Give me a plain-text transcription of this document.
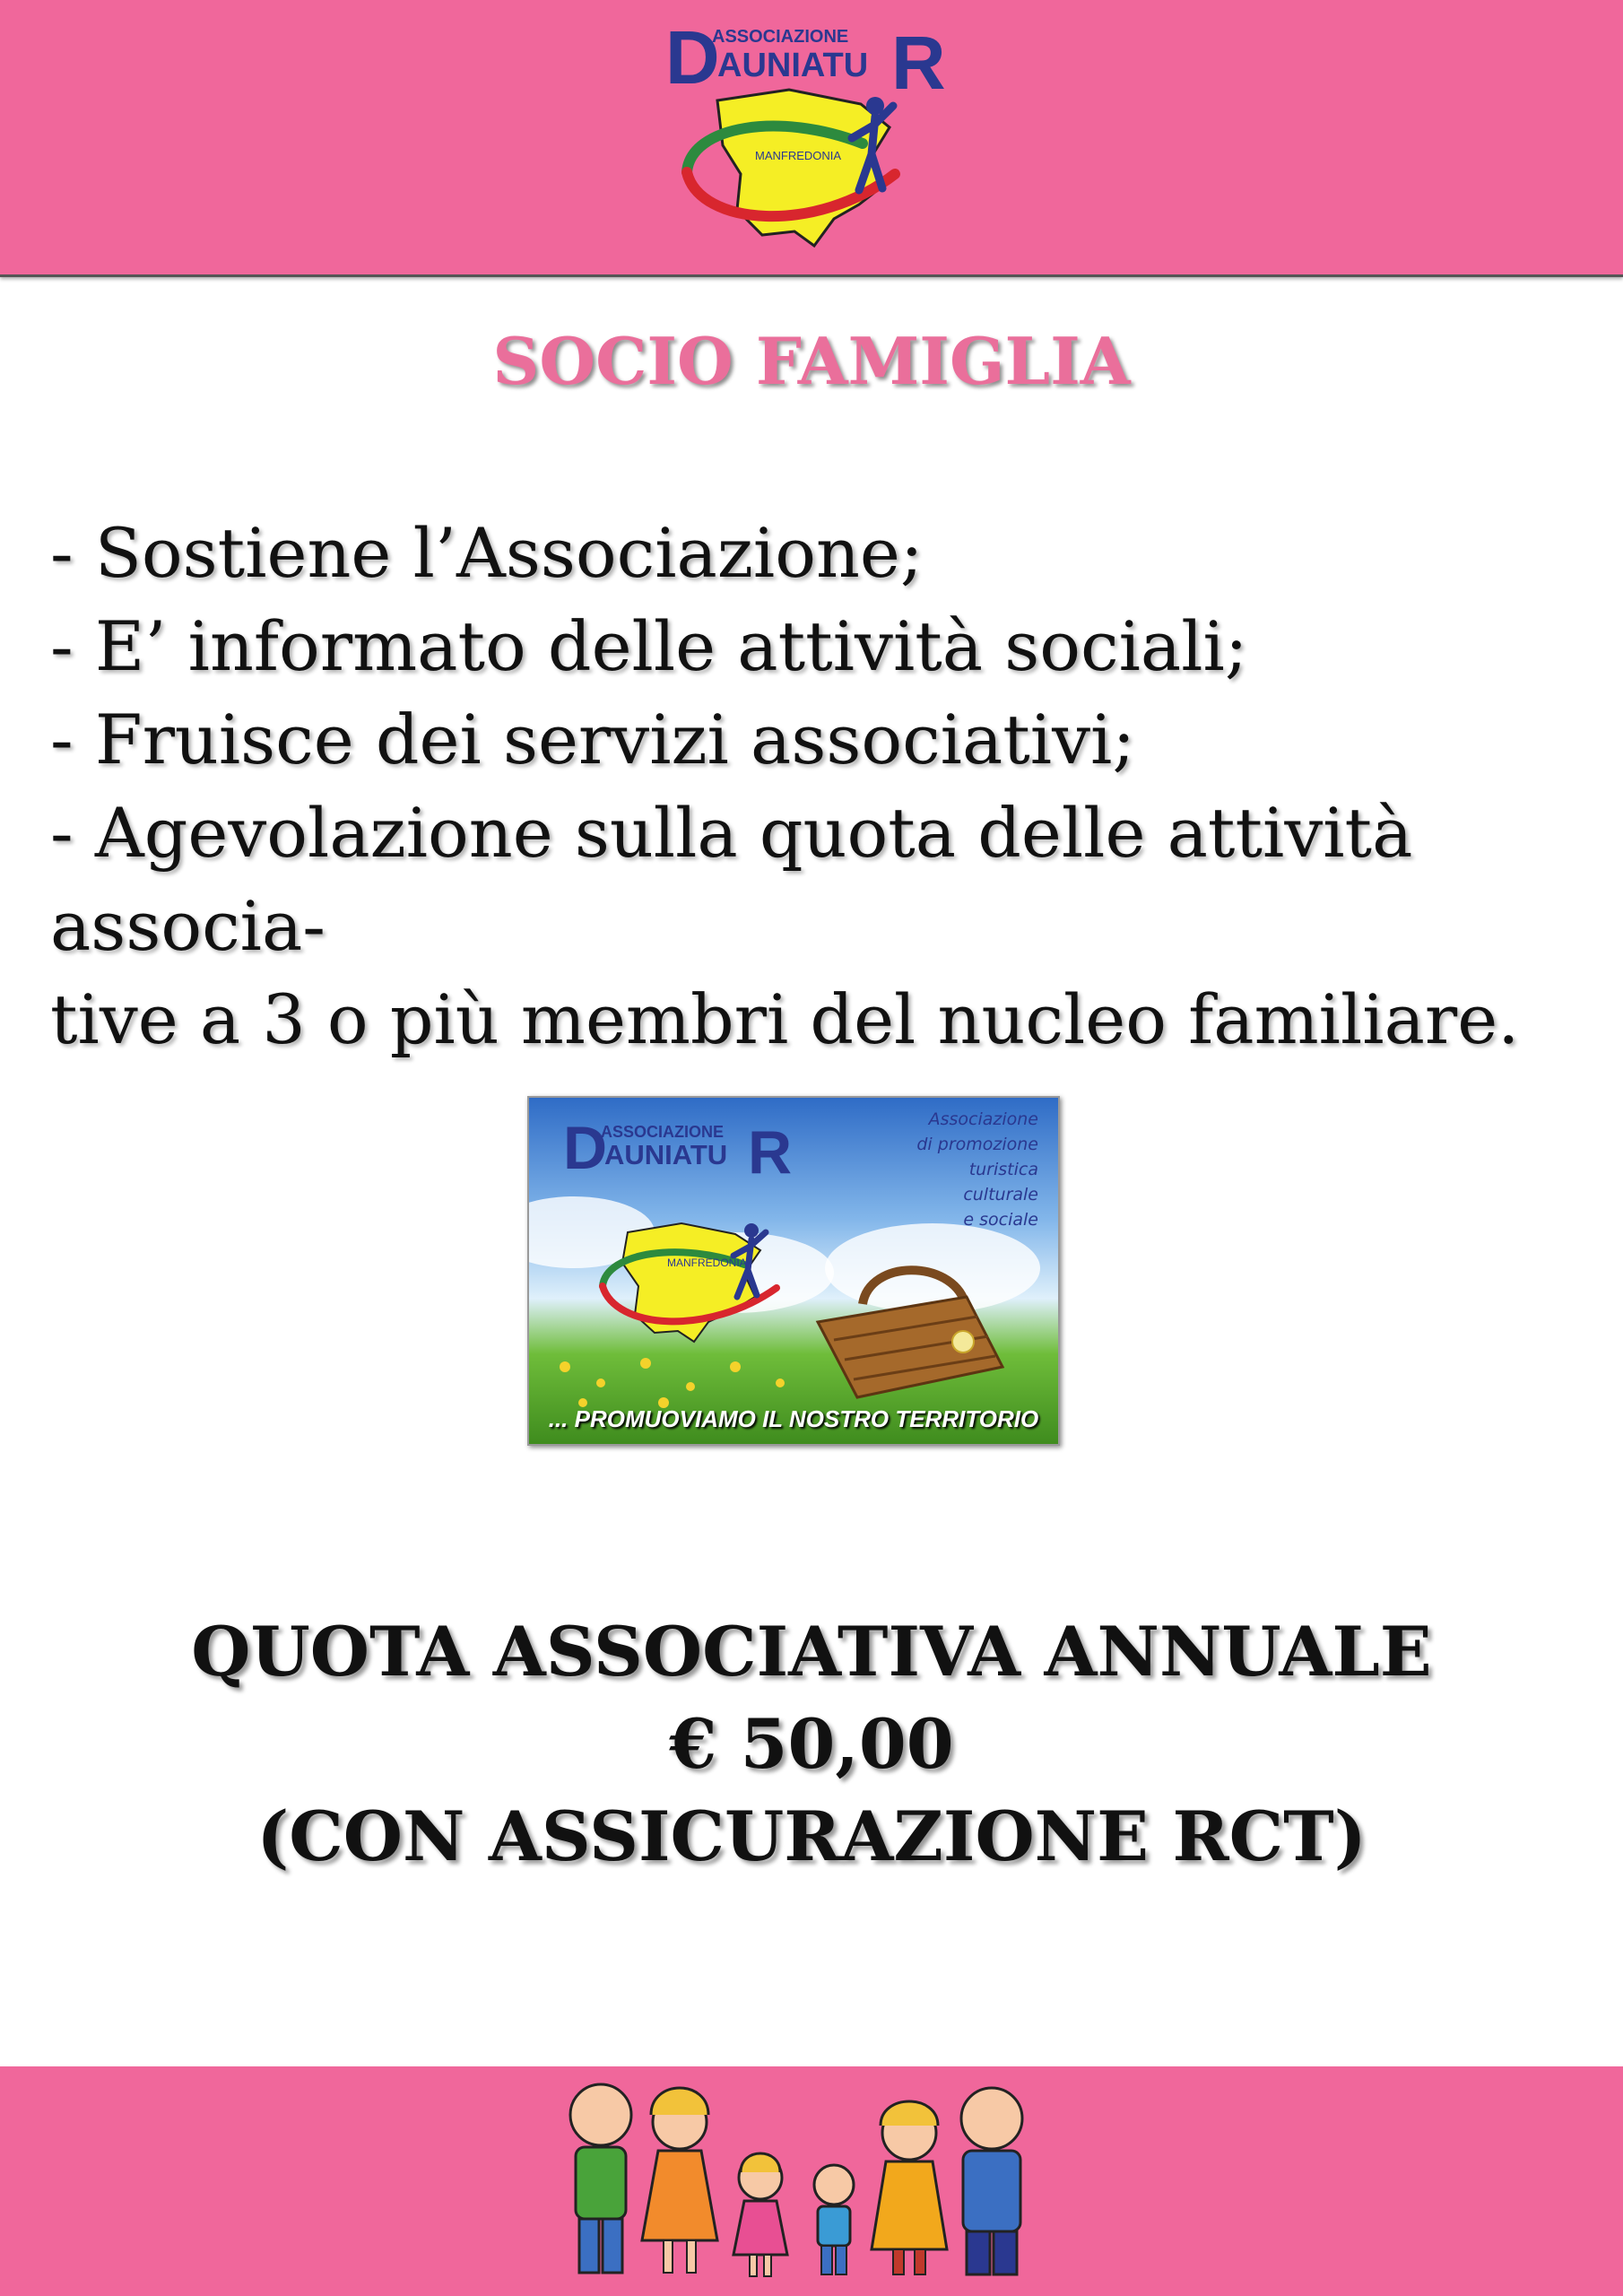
MANFREDONIA
D
ASSOCIAZIONE
AUNIATU R
SOCIO FAMIGLIA
- Sostiene l’Associazione;
- E’ informato delle attività sociali;
- Fruisce dei servizi associativi;
- Agevolazione sulla quota delle attività associa-
tive a 3 o più membri del nucleo familiare.
MANFREDONIA
D
ASSOCIAZIONE
AUNIATU R	Associazione
di promozione
turistica
culturale
e sociale
... PROMUOVIAMO IL NOSTRO TERRITORIO
QUOTA ASSOCIATIVA ANNUALE
€ 50,00
(CON ASSICURAZIONE RCT)
